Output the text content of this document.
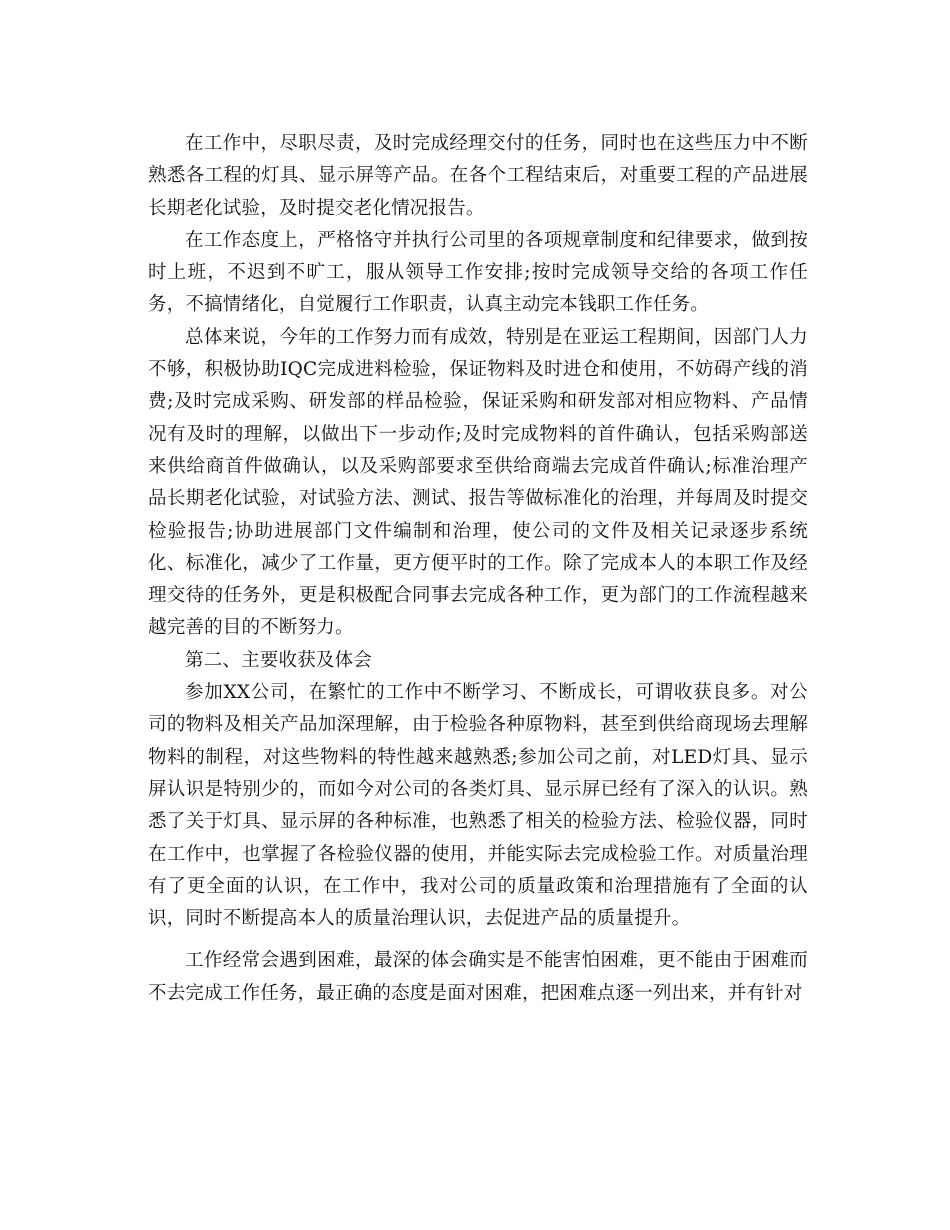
在工作中，尽职尽责，及时完成经理交付的任务，同时也在这些压力中不断熟悉各工程的灯具、显示屏等产品。在各个工程结束后，对重要工程的产品进展长期老化试验，及时提交老化情况报告。

在工作态度上，严格恪守并执行公司里的各项规章制度和纪律要求，做到按时上班，不迟到不旷工，服从领导工作安排;按时完成领导交给的各项工作任务，不搞情绪化，自觉履行工作职责，认真主动完本钱职工作任务。

总体来说，今年的工作努力而有成效，特别是在亚运工程期间，因部门人力不够，积极协助IQC完成进料检验，保证物料及时进仓和使用，不妨碍产线的消费;及时完成采购、研发部的样品检验，保证采购和研发部对相应物料、产品情况有及时的理解，以做出下一步动作;及时完成物料的首件确认，包括采购部送来供给商首件做确认，以及采购部要求至供给商端去完成首件确认;标准治理产品长期老化试验，对试验方法、测试、报告等做标准化的治理，并每周及时提交检验报告;协助进展部门文件编制和治理，使公司的文件及相关记录逐步系统化、标准化，减少了工作量，更方便平时的工作。除了完成本人的本职工作及经理交待的任务外，更是积极配合同事去完成各种工作，更为部门的工作流程越来越完善的目的不断努力。

第二、主要收获及体会

参加XX公司，在繁忙的工作中不断学习、不断成长，可谓收获良多。对公司的物料及相关产品加深理解，由于检验各种原物料，甚至到供给商现场去理解物料的制程，对这些物料的特性越来越熟悉;参加公司之前，对LED灯具、显示屏认识是特别少的，而如今对公司的各类灯具、显示屏已经有了深入的认识。熟悉了关于灯具、显示屏的各种标准，也熟悉了相关的检验方法、检验仪器，同时在工作中，也掌握了各检验仪器的使用，并能实际去完成检验工作。对质量治理有了更全面的认识，在工作中，我对公司的质量政策和治理措施有了全面的认识，同时不断提高本人的质量治理认识，去促进产品的质量提升。

工作经常会遇到困难，最深的体会确实是不能害怕困难，更不能由于困难而不去完成工作任务，最正确的态度是面对困难，把困难点逐一列出来，并有针对
